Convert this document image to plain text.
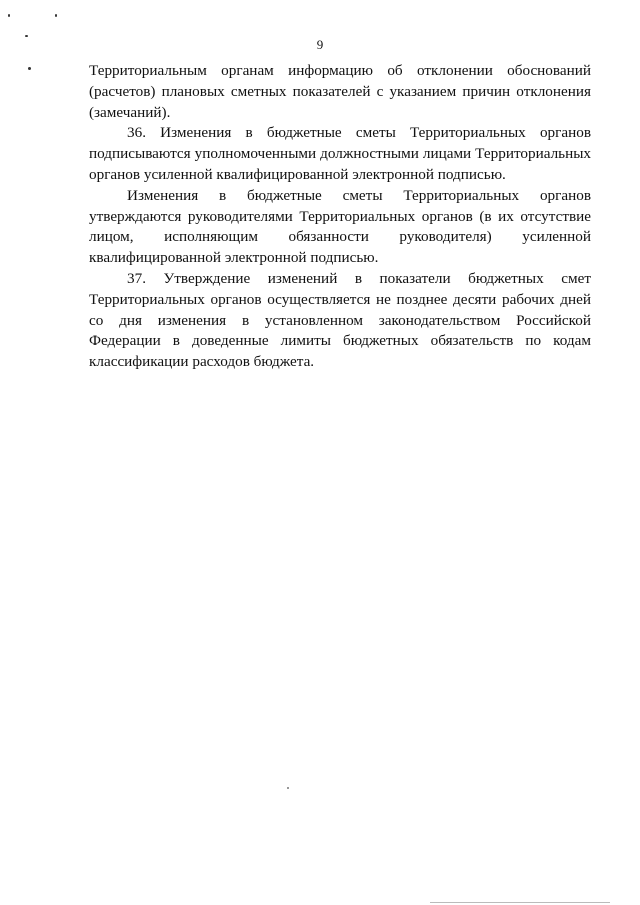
9

Территориальным органам информацию об отклонении обоснований (расчетов) плановых сметных показателей с указанием причин отклонения (замечаний).

36. Изменения в бюджетные сметы Территориальных органов подписываются уполномоченными должностными лицами Территориальных органов усиленной квалифицированной электронной подписью.

Изменения в бюджетные сметы Территориальных органов утверждаются руководителями Территориальных органов (в их отсутствие лицом, исполняющим обязанности руководителя) усиленной квалифицированной электронной подписью.

37. Утверждение изменений в показатели бюджетных смет Территориальных органов осуществляется не позднее десяти рабочих дней со дня изменения в установленном законодательством Российской Федерации в доведенные лимиты бюджетных обязательств по кодам классификации расходов бюджета.
